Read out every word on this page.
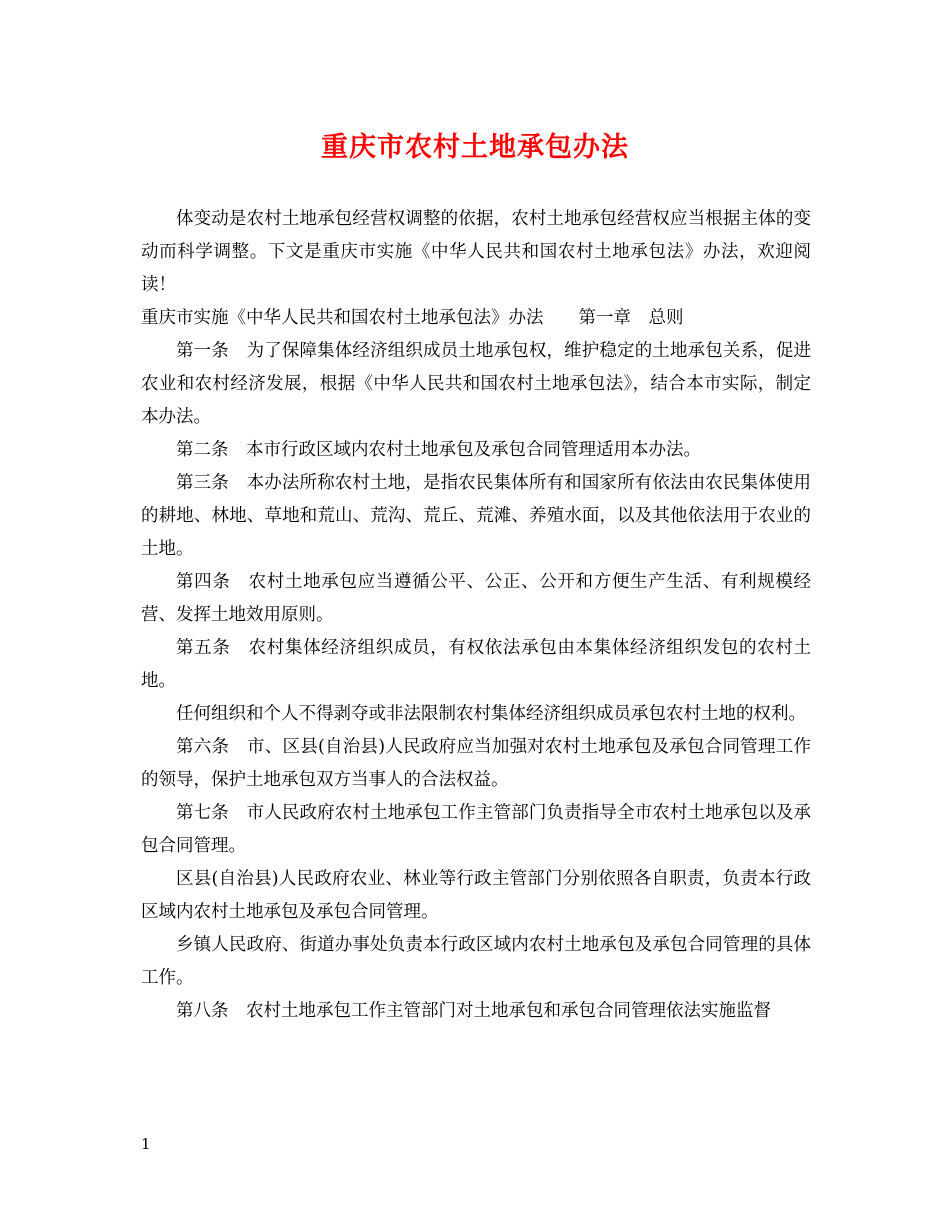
重庆市农村土地承包办法

体变动是农村土地承包经营权调整的依据，农村土地承包经营权应当根据主体的变动而科学调整。下文是重庆市实施《中华人民共和国农村土地承包法》办法，欢迎阅读！

重庆市实施《中华人民共和国农村土地承包法》办法　　第一章　总则

第一条　为了保障集体经济组织成员土地承包权，维护稳定的土地承包关系，促进农业和农村经济发展，根据《中华人民共和国农村土地承包法》，结合本市实际，制定本办法。

第二条　本市行政区域内农村土地承包及承包合同管理适用本办法。

第三条　本办法所称农村土地，是指农民集体所有和国家所有依法由农民集体使用的耕地、林地、草地和荒山、荒沟、荒丘、荒滩、养殖水面，以及其他依法用于农业的土地。

第四条　农村土地承包应当遵循公平、公正、公开和方便生产生活、有利规模经营、发挥土地效用原则。

第五条　农村集体经济组织成员，有权依法承包由本集体经济组织发包的农村土地。

任何组织和个人不得剥夺或非法限制农村集体经济组织成员承包农村土地的权利。

第六条　市、区县(自治县)人民政府应当加强对农村土地承包及承包合同管理工作的领导，保护土地承包双方当事人的合法权益。

第七条　市人民政府农村土地承包工作主管部门负责指导全市农村土地承包以及承包合同管理。

区县(自治县)人民政府农业、林业等行政主管部门分别依照各自职责，负责本行政区域内农村土地承包及承包合同管理。

乡镇人民政府、街道办事处负责本行政区域内农村土地承包及承包合同管理的具体工作。

第八条　农村土地承包工作主管部门对土地承包和承包合同管理依法实施监督

1
